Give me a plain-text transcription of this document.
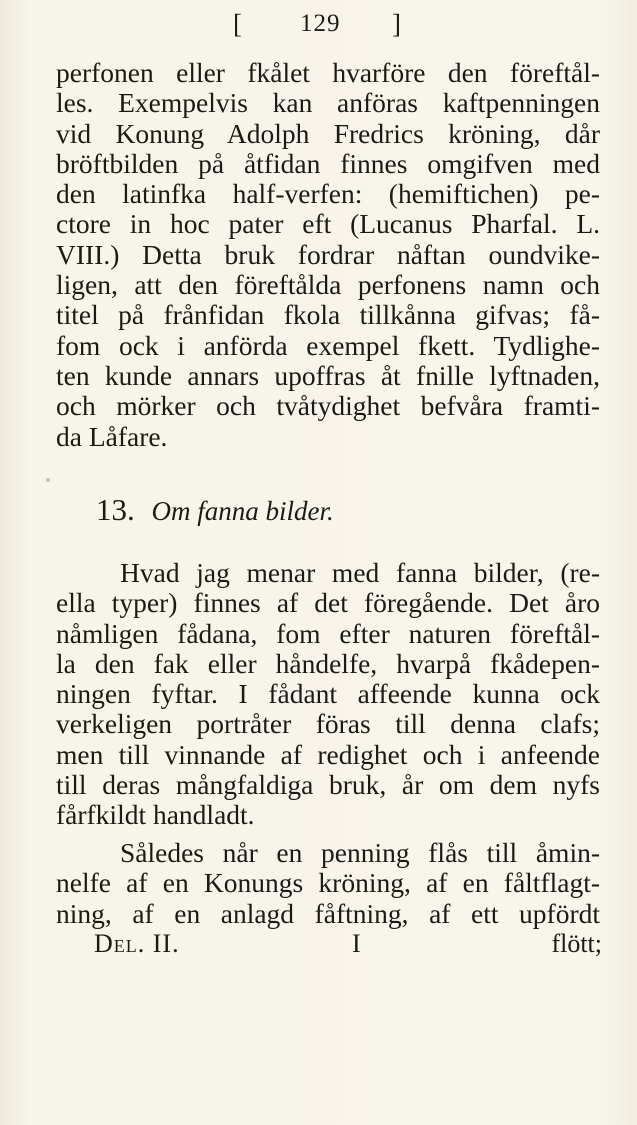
[ 129 ]
perfonen eller fkålet hvarföre den föreftål-
les. Exempelvis kan anföras kaftpenningen
vid Konung Adolph Fredrics kröning, dår
bröftbilden på åtfidan finnes omgifven med
den latinfka half-verfen: (hemiftichen) pe-
ctore in hoc pater eft (Lucanus Pharfal. L.
VIII.) Detta bruk fordrar nåftan oundvike-
ligen, att den föreftålda perfonens namn och
titel på frånfidan fkola tillkånna gifvas; få-
fom ock i anförda exempel fkett. Tydlighe-
ten kunde annars upoffras åt fnille lyftnaden,
och mörker och tvåtydighet befvåra framti-
da Låfare.
13. Om fanna bilder.
Hvad jag menar med fanna bilder, (re-
ella typer) finnes af det föregående. Det åro
nåmligen fådana, fom efter naturen föreftål-
la den fak eller håndelfe, hvarpå fkådepen-
ningen fyftar. I fådant affeende kunna ock
verkeligen portråter föras till denna clafs;
men till vinnande af redighet och i anfeende
till deras mångfaldiga bruk, år om dem nyfs
fårfkildt handladt.
Således når en penning flås till åmin-
nelfe af en Konungs kröning, af en fåltflagt-
ning, af en anlagd fåftning, af ett upfördt
Del. II.	I	flött;
